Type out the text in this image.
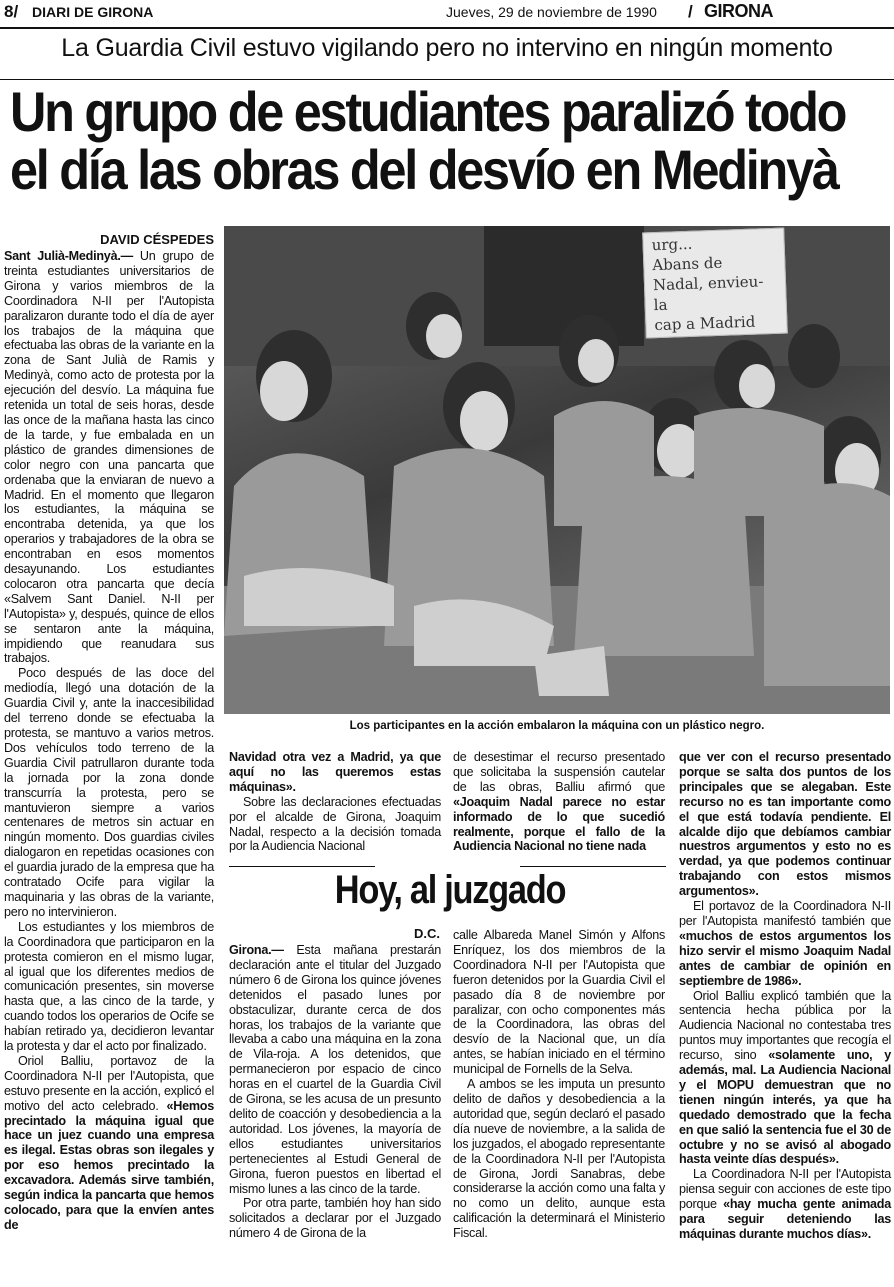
8/ DIARI DE GIRONA	Jueves, 29 de noviembre de 1990 / GIRONA
La Guardia Civil estuvo vigilando pero no intervino en ningún momento
Un grupo de estudiantes paralizó todo
el día las obras del desvío en Medinyà
DAVID CÉSPEDES

Sant Julià-Medinyà.— Un grupo de treinta estudiantes universitarios de Girona y varios miembros de la Coordinadora N-II per l'Autopista paralizaron durante todo el día de ayer los trabajos de la máquina que efectuaba las obras de la variante en la zona de Sant Julià de Ramis y Medinyà, como acto de protesta por la ejecución del desvío. La máquina fue retenida un total de seis horas, desde las once de la mañana hasta las cinco de la tarde, y fue embalada en un plástico de grandes dimensiones de color negro con una pancarta que ordenaba que la enviaran de nuevo a Madrid. En el momento que llegaron los estudiantes, la máquina se encontraba detenida, ya que los operarios y trabajadores de la obra se encontraban en esos momentos desayunando. Los estudiantes colocaron otra pancarta que decía «Salvem Sant Daniel. N-II per l'Autopista» y, después, quince de ellos se sentaron ante la máquina, impidiendo que reanudara sus trabajos.

Poco después de las doce del mediodía, llegó una dotación de la Guardia Civil y, ante la inaccesibilidad del terreno donde se efectuaba la protesta, se mantuvo a varios metros. Dos vehículos todo terreno de la Guardia Civil patrullaron durante toda la jornada por la zona donde transcurría la protesta, pero se mantuvieron siempre a varios centenares de metros sin actuar en ningún momento. Dos guardias civiles dialogaron en repetidas ocasiones con el guardia jurado de la empresa que ha contratado Ocife para vigilar la maquinaria y las obras de la variante, pero no intervinieron.

Los estudiantes y los miembros de la Coordinadora que participaron en la protesta comieron en el mismo lugar, al igual que los diferentes medios de comunicación presentes, sin moverse hasta que, a las cinco de la tarde, y cuando todos los operarios de Ocife se habían retirado ya, decidieron levantar la protesta y dar el acto por finalizado.

Oriol Balliu, portavoz de la Coordinadora N-II per l'Autopista, que estuvo presente en la acción, explicó el motivo del acto celebrado. «Hemos precintado la máquina igual que hace un juez cuando una empresa es ilegal. Estas obras son ilegales y por eso hemos precintado la excavadora. Además sirve también, según indica la pancarta que hemos colocado, para que la envíen antes de

urg...
Abans de
Nadal, envieu-la
cap a Madrid
Los participantes en la acción embalaron la máquina con un plástico negro.

Navidad otra vez a Madrid, ya que aquí no las queremos estas máquinas».

Sobre las declaraciones efectuadas por el alcalde de Girona, Joaquim Nadal, respecto a la decisión tomada por la Audiencia Nacional

de desestimar el recurso presentado que solicitaba la suspensión cautelar de las obras, Balliu afirmó que «Joaquim Nadal parece no estar informado de lo que sucedió realmente, porque el fallo de la Audiencia Nacional no tiene nada

que ver con el recurso presentado porque se salta dos puntos de los principales que se alegaban. Este recurso no es tan importante como el que está todavía pendiente. El alcalde dijo que debíamos cambiar nuestros argumentos y esto no es verdad, ya que podemos continuar trabajando con estos mismos argumentos».

El portavoz de la Coordinadora N-II per l'Autopista manifestó también que «muchos de estos argumentos los hizo servir el mismo Joaquim Nadal antes de cambiar de opinión en septiembre de 1986».

Oriol Balliu explicó también que la sentencia hecha pública por la Audiencia Nacional no contestaba tres puntos muy importantes que recogía el recurso, sino «solamente uno, y además, mal. La Audiencia Nacional y el MOPU demuestran que no tienen ningún interés, ya que ha quedado demostrado que la fecha en que salió la sentencia fue el 30 de octubre y no se avisó al abogado hasta veinte días después».

La Coordinadora N-II per l'Autopista piensa seguir con acciones de este tipo porque «hay mucha gente animada para seguir deteniendo las máquinas durante muchos días».

Hoy, al juzgado
D.C.

Girona.— Esta mañana prestarán declaración ante el titular del Juzgado número 6 de Girona los quince jóvenes detenidos el pasado lunes por obstaculizar, durante cerca de dos horas, los trabajos de la variante que llevaba a cabo una máquina en la zona de Vila-roja. A los detenidos, que permanecieron por espacio de cinco horas en el cuartel de la Guardia Civil de Girona, se les acusa de un presunto delito de coacción y desobediencia a la autoridad. Los jóvenes, la mayoría de ellos estudiantes universitarios pertenecientes al Estudi General de Girona, fueron puestos en libertad el mismo lunes a las cinco de la tarde.

Por otra parte, también hoy han sido solicitados a declarar por el Juzgado número 4 de Girona de la

calle Albareda Manel Simón y Alfons Enríquez, los dos miembros de la Coordinadora N-II per l'Autopista que fueron detenidos por la Guardia Civil el pasado día 8 de noviembre por paralizar, con ocho componentes más de la Coordinadora, las obras del desvío de la Nacional que, un día antes, se habían iniciado en el término municipal de Fornells de la Selva.

A ambos se les imputa un presunto delito de daños y desobediencia a la autoridad que, según declaró el pasado día nueve de noviembre, a la salida de los juzgados, el abogado representante de la Coordinadora N-II per l'Autopista de Girona, Jordi Sanabras, debe considerarse la acción como una falta y no como un delito, aunque esta calificación la determinará el Ministerio Fiscal.
